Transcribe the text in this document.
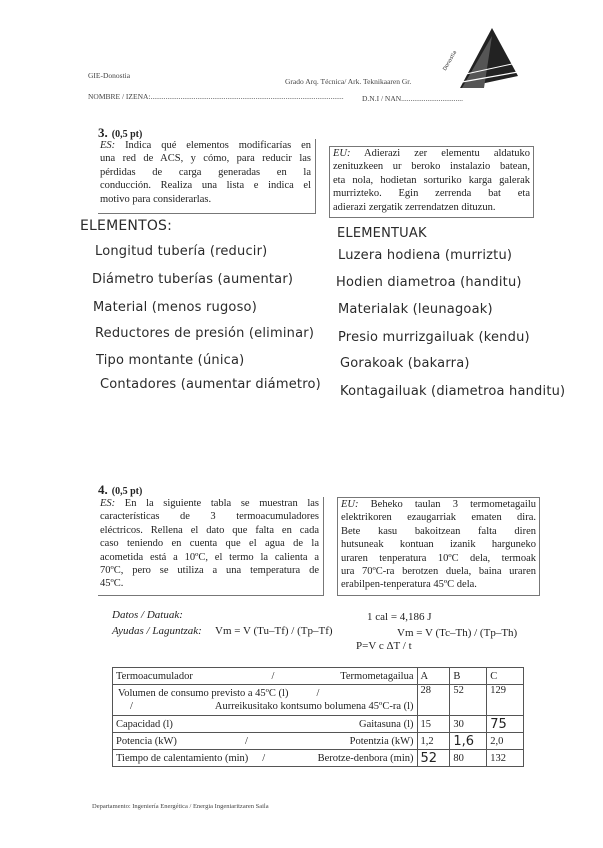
GIE-Donostia
Grado Arq. Técnica/ Ark. Teknikaaren Gr.
NOMBRE / IZENA:....................................................................................................... D.N.I / NAN.................................
Donostia
3. (0,5 pt)
ES: Indica qué elementos modificarías en
una red de ACS, y cómo, para reducir las
pérdidas de carga generadas en la
conducción. Realiza una lista e indica el
motivo para considerarlas.
EU: Adierazi zer elementu aldatuko
zenituzkeen ur beroko instalazio batean,
eta nola, hodietan sorturiko karga galerak
murrizteko. Egin zerrenda bat eta
adierazi zergatik zerrendatzen dituzun.
ELEMENTOS:
Longitud tubería (reducir)
Diámetro tuberías (aumentar)
Material (menos rugoso)
Reductores de presión (eliminar)
Tipo montante (única)
Contadores (aumentar diámetro)
ELEMENTUAK
Luzera hodiena (murriztu)
Hodien diametroa (handitu)
Materialak (leunagoak)
Presio murrizgailuak (kendu)
Gorakoak (bakarra)
Kontagailuak (diametroa handitu)
4. (0,5 pt)
ES: En la siguiente tabla se muestran las
características de 3 termoacumuladores
eléctricos. Rellena el dato que falta en cada
caso teniendo en cuenta que el agua de la
acometida está a 10ºC, el termo la calienta a
70ºC, pero se utiliza a una temperatura de
45ºC.
EU: Beheko taulan 3 termometagailu
elektrikoren ezaugarriak ematen dira.
Bete kasu bakoitzean falta diren
hutsuneak kontuan izanik harguneko
uraren tenperatura 10ºC dela, termoak
ura 70ºC-ra berotzen duela, baina uraren
erabilpen-tenperatura 45ºC dela.
Datos / Datuak:	1 cal = 4,186 J
Ayudas / Laguntzak: Vm = V (Tu–Tf) / (Tp–Tf)	Vm = V (Tc–Th) / (Tp–Th)
P=V c ΔT / t
Termoacumulador / Termometagailua	A	B	C

Volumen de consumo previsto a 45ºC (l) /
/ Aurreikusitako kontsumo bolumena 45ºC-ra (l)	28	52	129
Capacidad (l) Gaitasuna (l)	15	30	75
Potencia (kW) / Potentzia (kW)	1,2	1,6	2,0
Tiempo de calentamiento (min) / Berotze-denbora (min)	52	80	132
Departamento: Ingeniería Energética / Energia Ingeniaritzaren Saila
